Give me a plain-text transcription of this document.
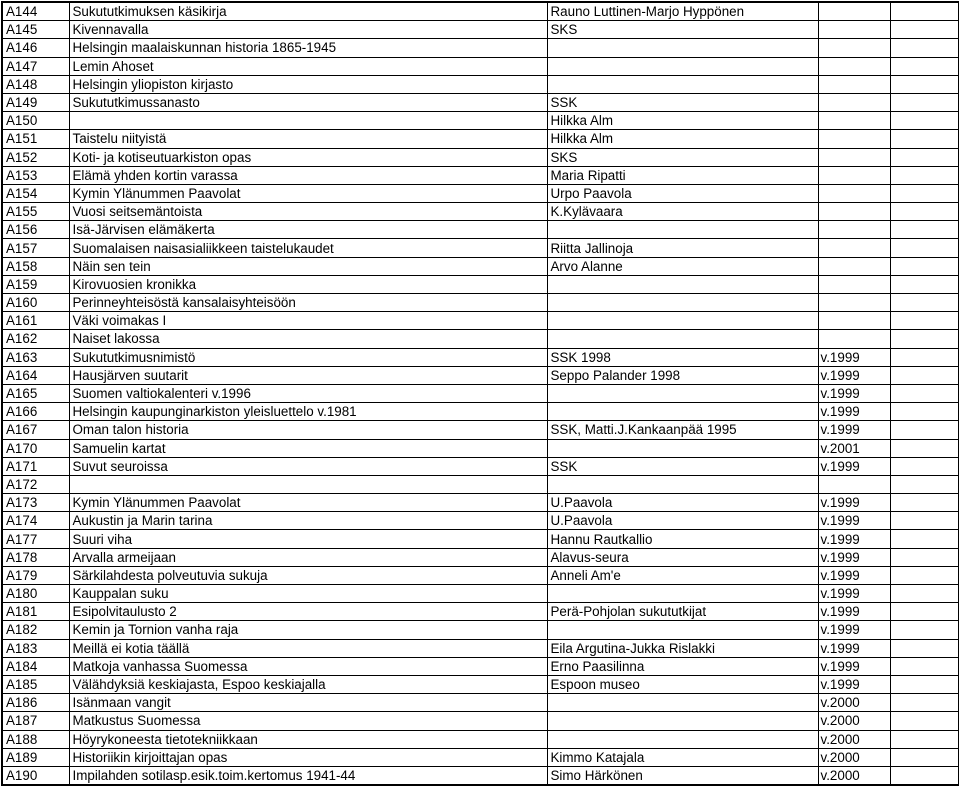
A144	Sukututkimuksen käsikirja	Rauno Luttinen-Marjo Hyppönen		
A145	Kivennavalla	SKS		
A146	Helsingin maalaiskunnan historia 1865-1945			
A147	Lemin Ahoset			
A148	Helsingin yliopiston kirjasto			
A149	Sukututkimussanasto	SSK		
A150		Hilkka Alm		
A151	Taistelu niityistä	Hilkka Alm		
A152	Koti- ja kotiseutuarkiston opas	SKS		
A153	Elämä yhden kortin varassa	Maria Ripatti		
A154	Kymin Ylänummen Paavolat	Urpo Paavola		
A155	Vuosi seitsemäntoista	K.Kylävaara		
A156	Isä-Järvisen elämäkerta			
A157	Suomalaisen naisasialiikkeen taistelukaudet	Riitta Jallinoja		
A158	Näin sen tein	Arvo Alanne		
A159	Kirovuosien kronikka			
A160	Perinneyhteisöstä kansalaisyhteisöön			
A161	Väki voimakas I			
A162	Naiset lakossa			
A163	Sukututkimusnimistö	SSK 1998	v.1999	
A164	Hausjärven suutarit	Seppo Palander 1998	v.1999	
A165	Suomen valtiokalenteri v.1996		v.1999	
A166	Helsingin kaupunginarkiston yleisluettelo v.1981		v.1999	
A167	Oman talon historia	SSK, Matti.J.Kankaanpää 1995	v.1999	
A170	Samuelin kartat		v.2001	
A171	Suvut seuroissa	SSK	v.1999	
A172				
A173	Kymin Ylänummen Paavolat	U.Paavola	v.1999	
A174	Aukustin ja Marin tarina	U.Paavola	v.1999	
A177	Suuri viha	Hannu Rautkallio	v.1999	
A178	Arvalla armeijaan	Alavus-seura	v.1999	
A179	Särkilahdesta polveutuvia sukuja	Anneli Am'e	v.1999	
A180	Kauppalan suku		v.1999	
A181	Esipolvitaulusto 2	Perä-Pohjolan sukututkijat	v.1999	
A182	Kemin ja Tornion vanha raja		v.1999	
A183	Meillä ei kotia täällä	Eila Argutina-Jukka Rislakki	v.1999	
A184	Matkoja vanhassa Suomessa	Erno Paasilinna	v.1999	
A185	Välähdyksiä keskiajasta, Espoo keskiajalla	Espoon museo	v.1999	
A186	Isänmaan vangit		v.2000	
A187	Matkustus Suomessa		v.2000	
A188	Höyrykoneesta tietotekniikkaan		v.2000	
A189	Historiikin kirjoittajan opas	Kimmo Katajala	v.2000	
A190	Impilahden sotilasp.esik.toim.kertomus 1941-44	Simo Härkönen	v.2000	
